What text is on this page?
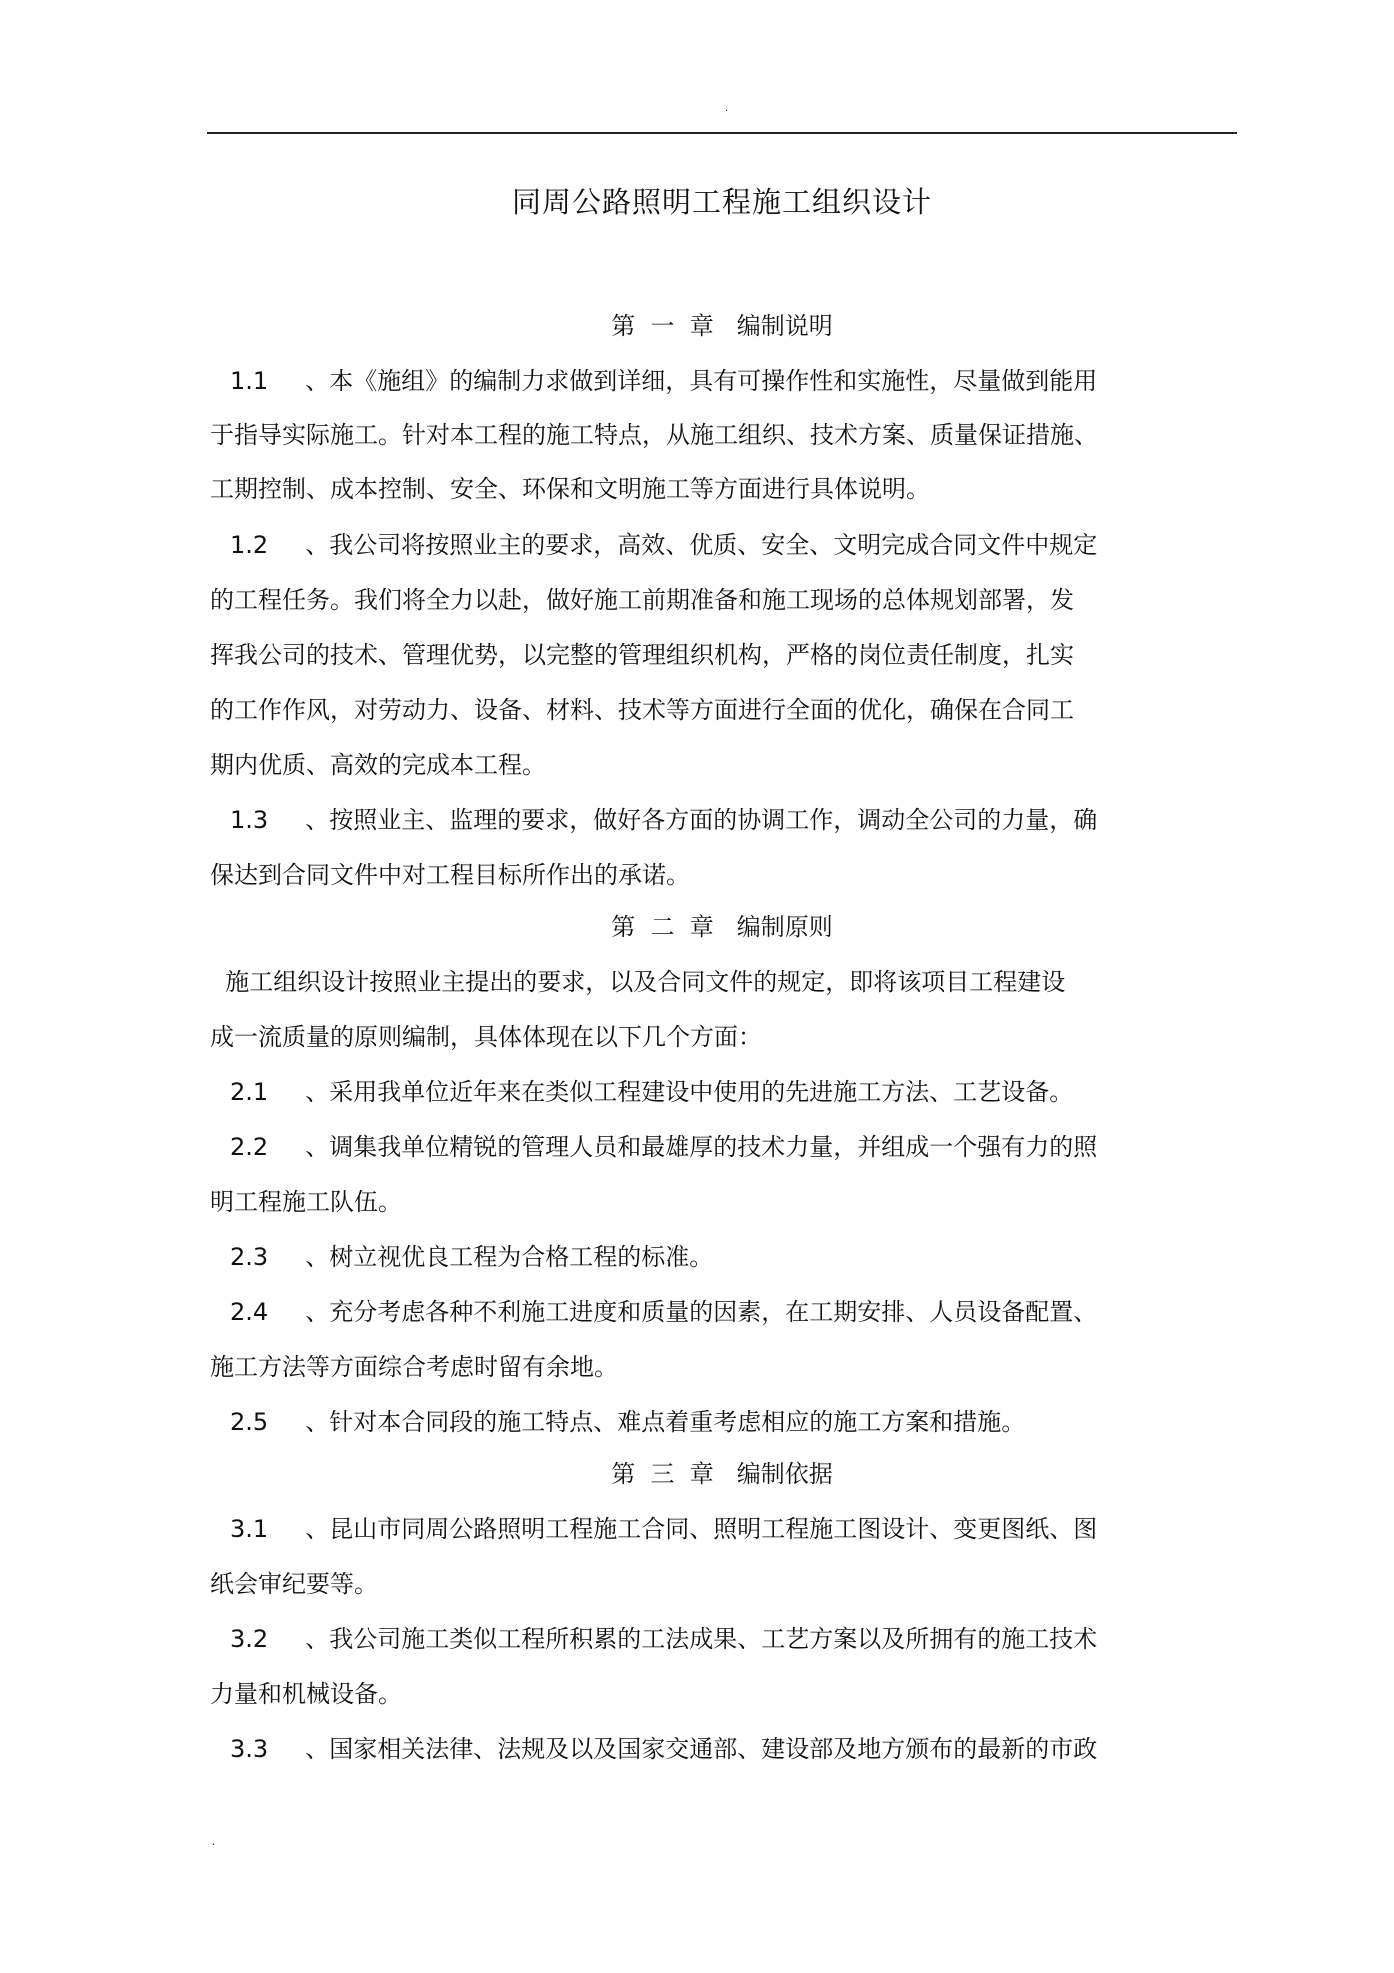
.
同周公路照明工程施工组织设计
第  一  章   编制说明
1.1  、本《施组》的编制力求做到详细，具有可操作性和实施性，尽量做到能用
于指导实际施工。针对本工程的施工特点，从施工组织、技术方案、质量保证措施、
工期控制、成本控制、安全、环保和文明施工等方面进行具体说明。
1.2  、我公司将按照业主的要求，高效、优质、安全、文明完成合同文件中规定
的工程任务。我们将全力以赴，做好施工前期准备和施工现场的总体规划部署，发
挥我公司的技术、管理优势，以完整的管理组织机构，严格的岗位责任制度，扎实
的工作作风，对劳动力、设备、材料、技术等方面进行全面的优化，确保在合同工
期内优质、高效的完成本工程。
1.3  、按照业主、监理的要求，做好各方面的协调工作，调动全公司的力量，确
保达到合同文件中对工程目标所作出的承诺。
第  二  章   编制原则
施工组织设计按照业主提出的要求，以及合同文件的规定，即将该项目工程建设
成一流质量的原则编制，具体体现在以下几个方面：
2.1  、采用我单位近年来在类似工程建设中使用的先进施工方法、工艺设备。
2.2  、调集我单位精锐的管理人员和最雄厚的技术力量，并组成一个强有力的照
明工程施工队伍。
2.3  、树立视优良工程为合格工程的标准。
2.4  、充分考虑各种不利施工进度和质量的因素，在工期安排、人员设备配置、
施工方法等方面综合考虑时留有余地。
2.5  、针对本合同段的施工特点、难点着重考虑相应的施工方案和措施。
第  三  章   编制依据
3.1  、昆山市同周公路照明工程施工合同、照明工程施工图设计、变更图纸、图
纸会审纪要等。
3.2  、我公司施工类似工程所积累的工法成果、工艺方案以及所拥有的施工技术
力量和机械设备。
3.3  、国家相关法律、法规及以及国家交通部、建设部及地方颁布的最新的市政
.
